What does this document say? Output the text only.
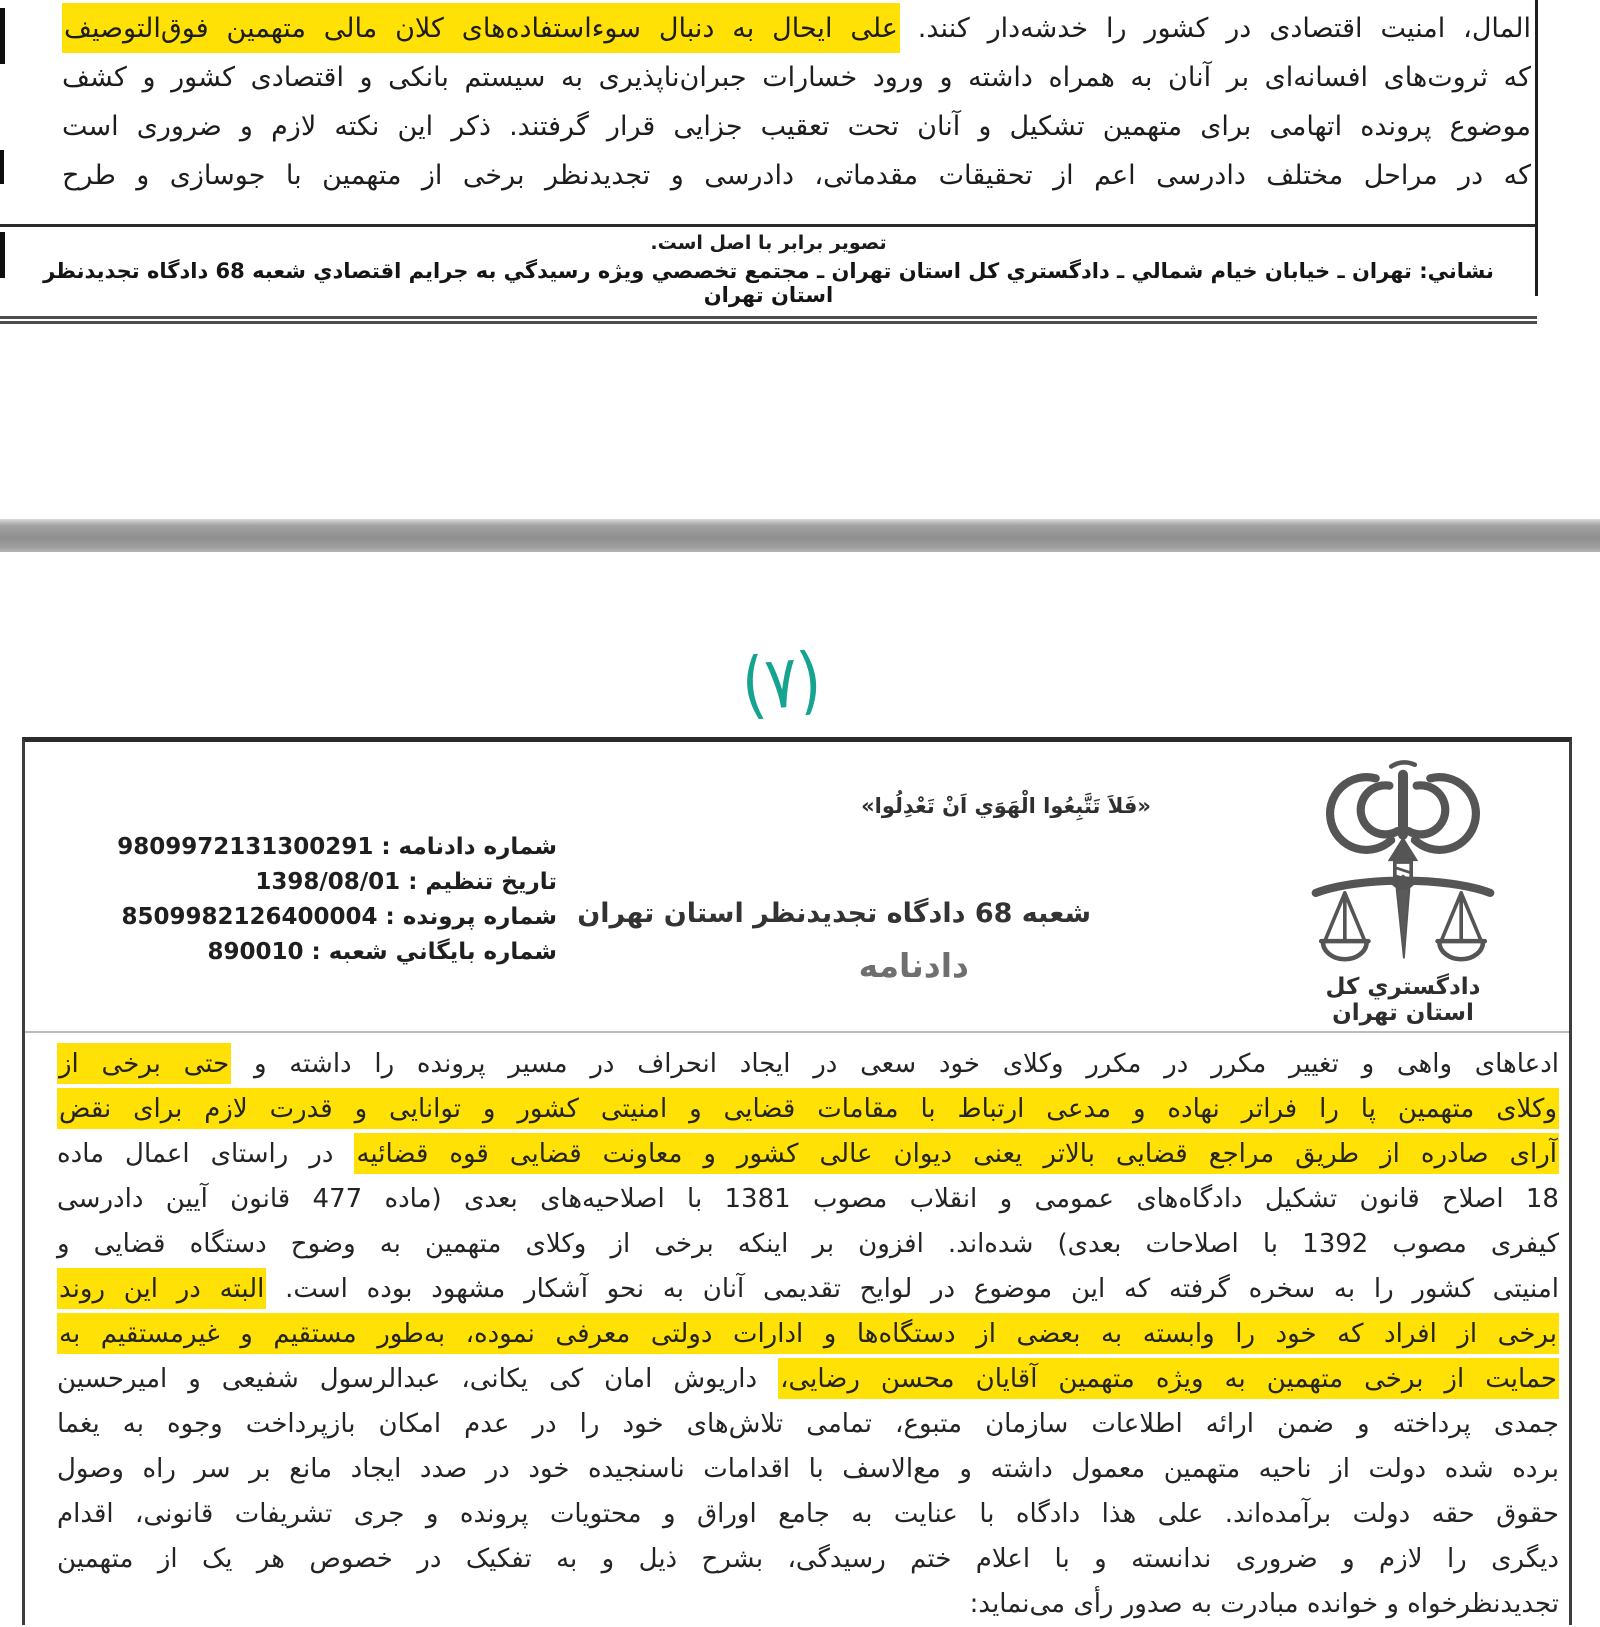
المال، امنیت اقتصادی در کشور را خدشه‌دار کنند. علی ایحال به دنبال سوءاستفاده‌های کلان مالی متهمین فوق‌التوصیف
که ثروت‌های افسانه‌ای بر آنان به همراه داشته و ورود خسارات جبران‌ناپذیری به سیستم بانکی و اقتصادی کشور و کشف
موضوع پرونده اتهامی برای متهمین تشکیل و آنان تحت تعقیب جزایی قرار گرفتند. ذکر این نکته لازم و ضروری است
که در مراحل مختلف دادرسی اعم از تحقیقات مقدماتی، دادرسی و تجدیدنظر برخی از متهمین با جوسازی و طرح
تصویر برابر با اصل است.
نشاني: تهران ـ خيابان خيام شمالي ـ دادگستري كل استان تهران ـ مجتمع تخصصي ويژه رسيدگي به جرايم اقتصادي شعبه 68 دادگاه تجديدنظر استان تهران
(۷)
دادگستري كل استان تهران
«فَلاَ تَتَّبِعُوا الْهَوَي اَنْ تَعْدِلُوا»
شماره دادنامه : 9809972131300291
تاریخ تنظیم : 1398/08/01
شماره پرونده : 8509982126400004
شماره بايگاني شعبه : 890010
شعبه 68 دادگاه تجدیدنظر استان تهران
دادنامه
ادعاهای واهی و تغییر مکرر در مکرر وکلای خود سعی در ایجاد انحراف در مسیر پرونده را داشته و حتی برخی از
وکلای متهمین پا را فراتر نهاده و مدعی ارتباط با مقامات قضایی و امنیتی کشور و توانایی و قدرت لازم برای نقض
آرای صادره از طریق مراجع قضایی بالاتر یعنی دیوان عالی کشور و معاونت قضایی قوه قضائیه در راستای اعمال ماده
18 اصلاح قانون تشکیل دادگاه‌های عمومی و انقلاب مصوب 1381 با اصلاحیه‌های بعدی (ماده 477 قانون آیین دادرسی
کیفری مصوب 1392 با اصلاحات بعدی) شده‌اند. افزون بر اینکه برخی از وکلای متهمین به وضوح دستگاه قضایی و
امنیتی کشور را به سخره گرفته که این موضوع در لوایح تقدیمی آنان به نحو آشکار مشهود بوده است. البته در این روند
برخی از افراد که خود را وابسته به بعضی از دستگاه‌ها و ادارات دولتی معرفی نموده، به‌طور مستقیم و غیرمستقیم به
حمایت از برخی متهمین به ویژه متهمین آقایان محسن رضایی، داریوش امان کی یکانی، عبدالرسول شفیعی و امیرحسین
جمدی پرداخته و ضمن ارائه اطلاعات سازمان متبوع، تمامی تلاش‌های خود را در عدم امکان بازپرداخت وجوه به یغما
برده شده دولت از ناحیه متهمین معمول داشته و مع‌الاسف با اقدامات ناسنجیده خود در صدد ایجاد مانع بر سر راه وصول
حقوق حقه دولت برآمده‌اند. علی هذا دادگاه با عنایت به جامع اوراق و محتویات پرونده و جری تشریفات قانونی، اقدام
دیگری را لازم و ضروری ندانسته و با اعلام ختم رسیدگی، بشرح ذیل و به تفکیک در خصوص هر یک از متهمین
تجدیدنظرخواه و خوانده مبادرت به صدور رأی می‌نماید:
